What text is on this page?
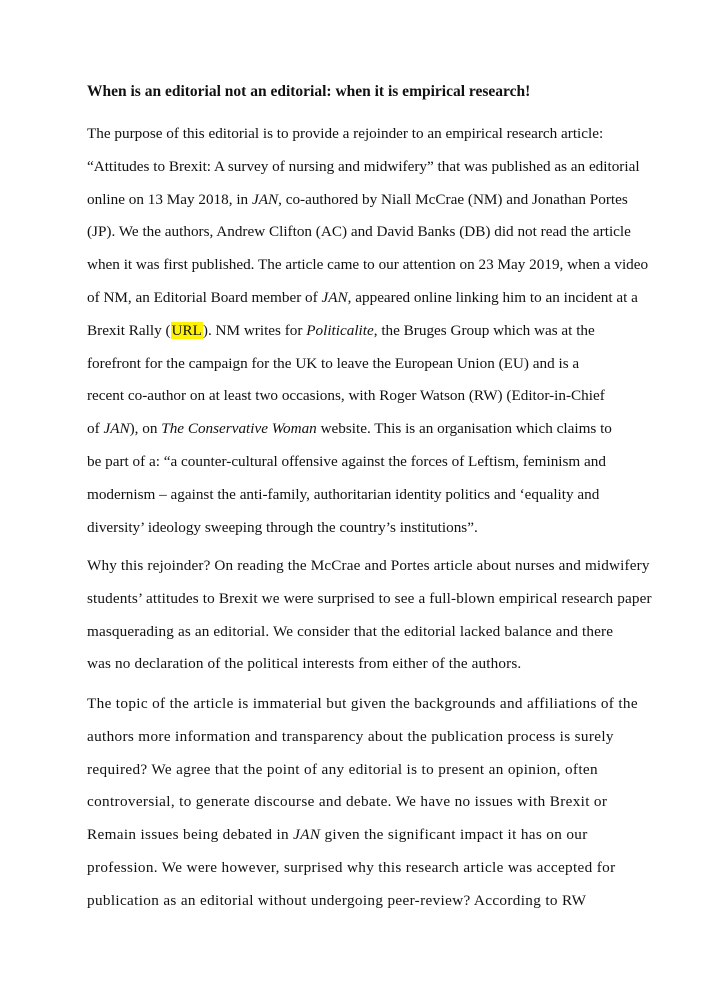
When is an editorial not an editorial: when it is empirical research!
The purpose of this editorial is to provide a rejoinder to an empirical research article:
“Attitudes to Brexit: A survey of nursing and midwifery” that was published as an editorial
online on 13 May 2018, in JAN, co-authored by Niall McCrae (NM) and Jonathan Portes
(JP). We the authors, Andrew Clifton (AC) and David Banks (DB) did not read the article
when it was first published. The article came to our attention on 23 May 2019, when a video
of NM, an Editorial Board member of JAN, appeared online linking him to an incident at a
Brexit Rally (URL). NM writes for Politicalite, the Bruges Group which was at the
forefront for the campaign for the UK to leave the European Union (EU) and is a
recent co-author on at least two occasions, with Roger Watson (RW) (Editor-in-Chief
of JAN), on The Conservative Woman website. This is an organisation which claims to
be part of a: “a counter-cultural offensive against the forces of Leftism, feminism and
modernism – against the anti-family, authoritarian identity politics and ‘equality and
diversity’ ideology sweeping through the country’s institutions”.
Why this rejoinder? On reading the McCrae and Portes article about nurses and midwifery
students’ attitudes to Brexit we were surprised to see a full-blown empirical research paper
masquerading as an editorial. We consider that the editorial lacked balance and there
was no declaration of the political interests from either of the authors.
The topic of the article is immaterial but given the backgrounds and affiliations of the
authors more information and transparency about the publication process is surely
required? We agree that the point of any editorial is to present an opinion, often
controversial, to generate discourse and debate. We have no issues with Brexit or
Remain issues being debated in JAN given the significant impact it has on our
profession. We were however, surprised why this research article was accepted for
publication as an editorial without undergoing peer-review? According to RW
